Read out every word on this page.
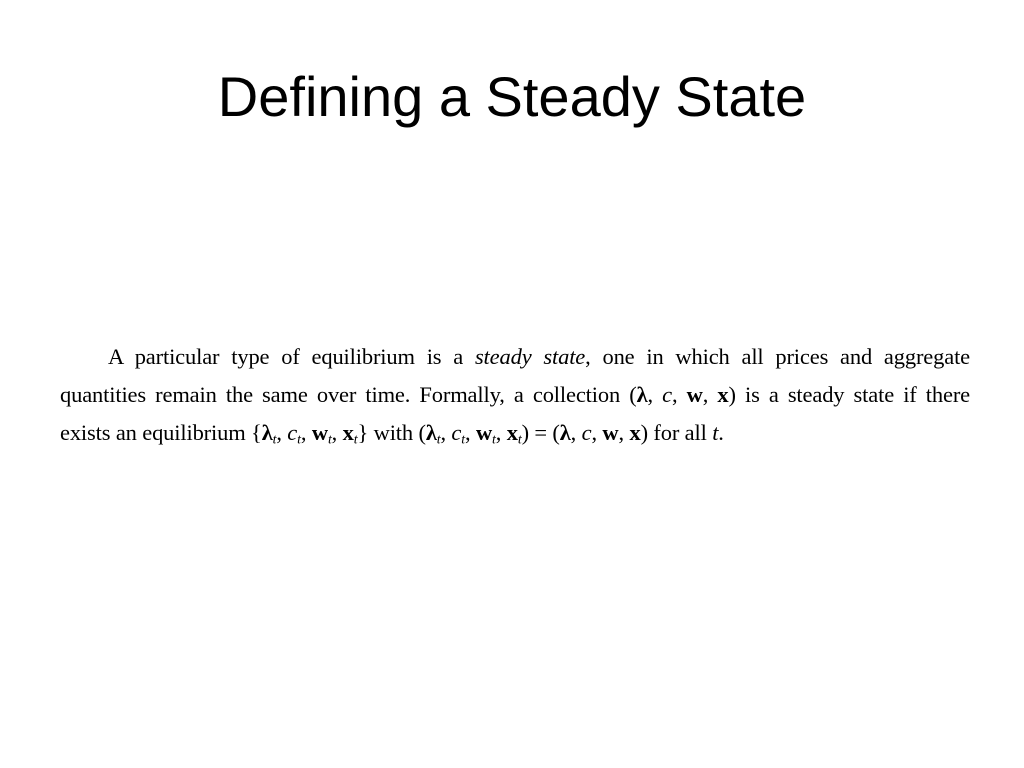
Defining a Steady State
A particular type of equilibrium is a steady state, one in which all prices and aggregate
quantities remain the same over time. Formally, a collection (λ, c, w, x) is a steady state if there
exists an equilibrium {$\lambda_t$, $c_t$, $w_t$, $x_t$} with ($\lambda_t$, $c_t$, $w_t$, $x_t) = (\lambda$, c, w, x) for all t.
